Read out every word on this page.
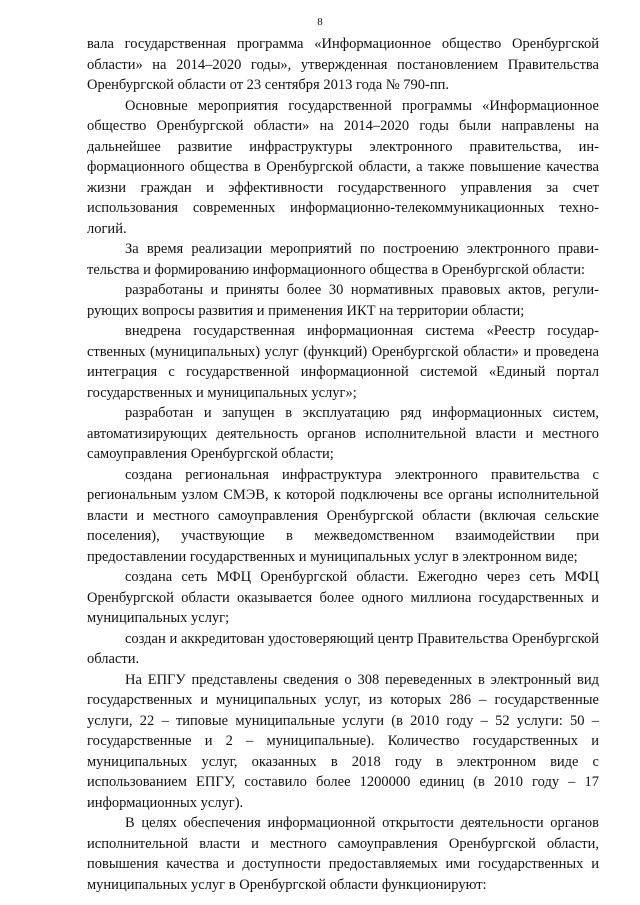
8

вала государственная программа «Информационное общество Оренбургской области» на 2014–2020 годы», утвержденная постановлением Правительства Оренбургской области от 23 сентября 2013 года № 790-пп.

Основные мероприятия государственной программы «Информационное общество Оренбургской области» на 2014–2020 годы были направлены на дальнейшее развитие инфраструктуры электронного правительства, информационного общества в Оренбургской области, а также повышение качества жизни граждан и эффективности государственного управления за счет использования современных информационно-телекоммуникационных технологий.

За время реализации мероприятий по построению электронного правительства и формированию информационного общества в Оренбургской области:

разработаны и приняты более 30 нормативных правовых актов, регулирующих вопросы развития и применения ИКТ на территории области;

внедрена государственная информационная система «Реестр государственных (муниципальных) услуг (функций) Оренбургской области» и проведена интеграция с государственной информационной системой «Единый портал государственных и муниципальных услуг»;

разработан и запущен в эксплуатацию ряд информационных систем, автоматизирующих деятельность органов исполнительной власти и местного самоуправления Оренбургской области;

создана региональная инфраструктура электронного правительства с региональным узлом СМЭВ, к которой подключены все органы исполнительной власти и местного самоуправления Оренбургской области (включая сельские поселения), участвующие в межведомственном взаимодействии при предоставлении государственных и муниципальных услуг в электронном виде;

создана сеть МФЦ Оренбургской области. Ежегодно через сеть МФЦ Оренбургской области оказывается более одного миллиона государственных и муниципальных услуг;

создан и аккредитован удостоверяющий центр Правительства Оренбургской области.

На ЕПГУ представлены сведения о 308 переведенных в электронный вид государственных и муниципальных услуг, из которых 286 – государственные услуги, 22 – типовые муниципальные услуги (в 2010 году – 52 услуги: 50 – государственные и 2 – муниципальные). Количество государственных и муниципальных услуг, оказанных в 2018 году в электронном виде с использованием ЕПГУ, составило более 1200000 единиц (в 2010 году – 17 информационных услуг).

В целях обеспечения информационной открытости деятельности органов исполнительной власти и местного самоуправления Оренбургской области, повышения качества и доступности предоставляемых ими государственных и муниципальных услуг в Оренбургской области функционируют:
